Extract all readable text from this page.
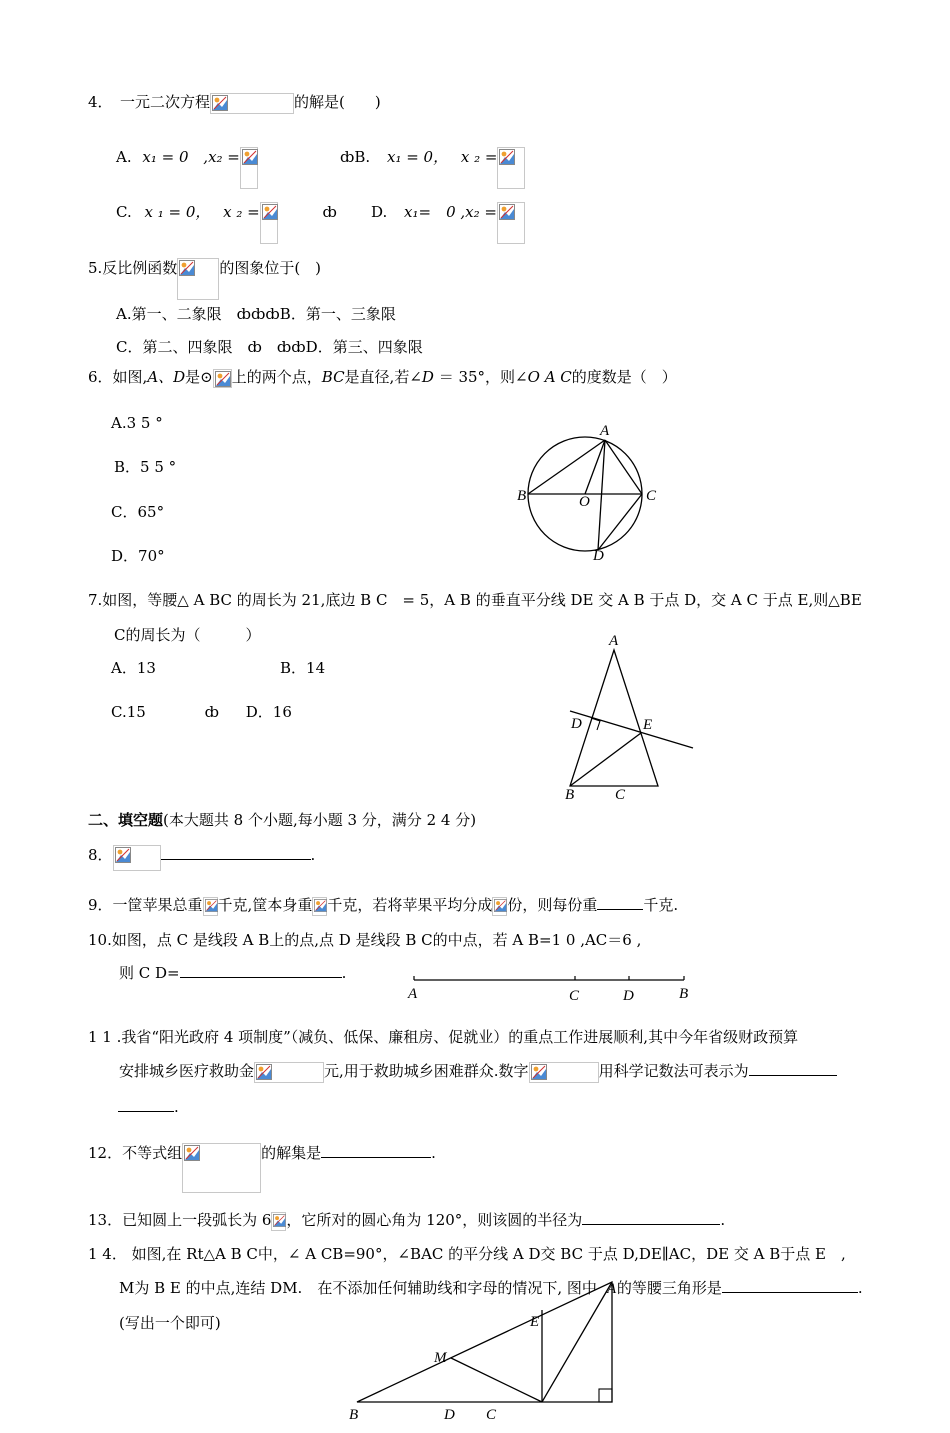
4．　一元二次方程	的解是(　　)
A. x₁ = 0 ,x₂ =	ȸB. x₁ = 0， x ₂ =
C. x ₁ = 0， x ₂ =	ȸ D. x₁=　0 ,x₂ =
5.反比例函数	的图象位于(　)
A.第一、二象限　ȸȸȸB．第一、三象限
C．第二、四象限　ȸ　ȸȸD．第三、四象限
6．如图,A、D是⊙ 上的两个点，BC是直径,若∠D ＝ 35°，则∠O A C的度数是（　）
A.3 5 °
B．5 5 °
C．65°
D．70°
A
B	C
O
D
7.如图，等腰△ A BC 的周长为 21,底边 B C　= 5，A B 的垂直平分线 DE 交 A B 于点 D，交 A C 于点 E,则△BE
C的周长为（　　　）
A．13	B．14
C.15	ȸ D．16
A
D	E
B	C
二、填空题(本大题共 8 个小题,每小题 3 分，满分 2 4 分)
8．	.
9．一筐苹果总重 千克,筐本身重 千克，若将苹果平均分成 份，则每份重	千克.
10.如图，点 C 是线段 A B上的点,点 D 是线段 B C的中点，若 A B=1 0 ,AC＝6 ,
则 C D=	.
A	C	D	B
1 1 .我省“阳光政府 4 项制度”（减负、低保、廉租房、促就业）的重点工作进展顺利,其中今年省级财政预算
安排城乡医疗救助金	元,用于救助城乡困难群众.数字	用科学记数法可表示为
.
12．不等式组	的解集是	.
13．已知圆上一段弧长为 6 ，它所对的圆心角为 120°，则该圆的半径为	.
1 4． 如图,在 Rt△A B C中，∠ A CB=90°，∠BAC 的平分线 A D交 BC 于点 D,DE∥AC，DE 交 A B于点 E　,
M为 B E 的中点,连结 DM.　在不添加任何辅助线和字母的情况下, 图中 的等腰三角形是	.
(写出一个即可)
A
E
M
B	D C
